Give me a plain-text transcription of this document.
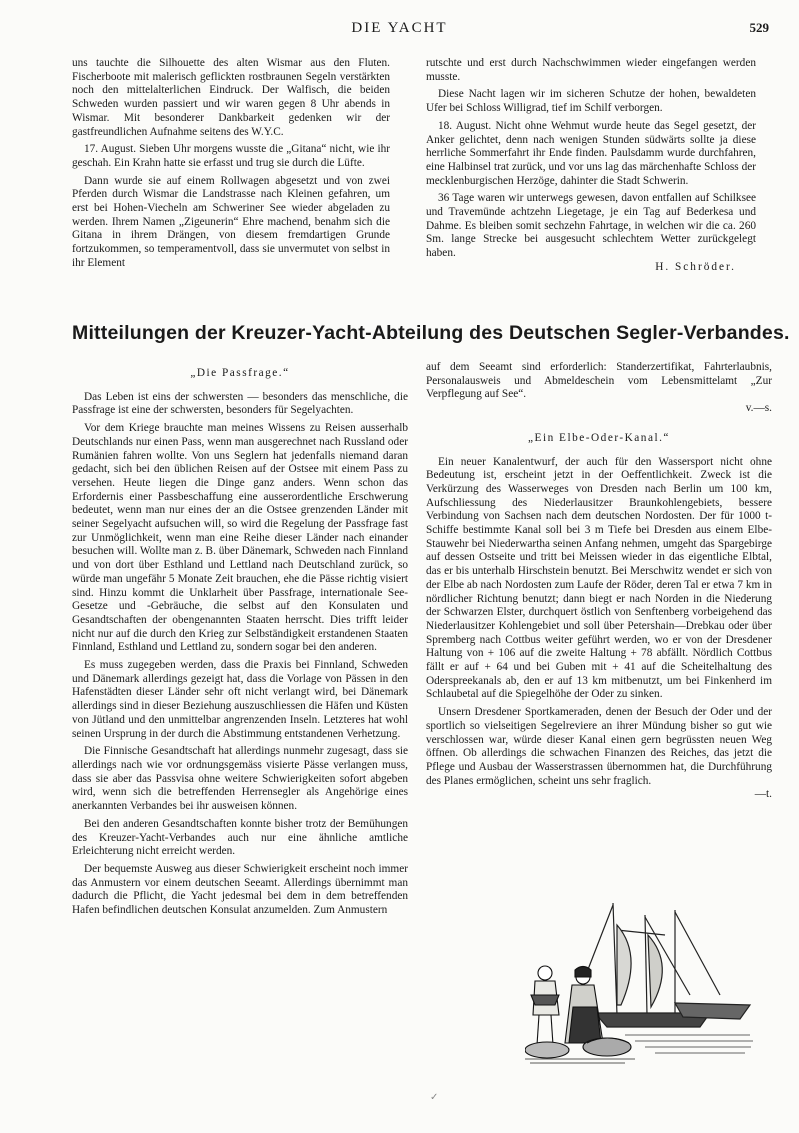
DIE YACHT	529

uns tauchte die Silhouette des alten Wismar aus den Fluten. Fischerboote mit malerisch geflickten rostbraunen Segeln verstärkten noch den mittelalterlichen Eindruck. Der Walfisch, die beiden Schweden wurden passiert und wir waren gegen 8 Uhr abends in Wismar. Mit besonderer Dankbarkeit gedenken wir der gastfreundlichen Aufnahme seitens des W.Y.C.

17. August. Sieben Uhr morgens wusste die „Gitana“ nicht, wie ihr geschah. Ein Krahn hatte sie erfasst und trug sie durch die Lüfte.

Dann wurde sie auf einem Rollwagen abgesetzt und von zwei Pferden durch Wismar die Landstrasse nach Kleinen gefahren, um erst bei Hohen-Viecheln am Schweriner See wieder abgeladen zu werden. Ihrem Namen „Zigeunerin“ Ehre machend, benahm sich die Gitana in ihrem Drängen, von diesem fremdartigen Grunde fortzukommen, so temperamentvoll, dass sie unvermutet von selbst in ihr Element

rutschte und erst durch Nachschwimmen wieder eingefangen werden musste.

Diese Nacht lagen wir im sicheren Schutze der hohen, bewaldeten Ufer bei Schloss Willigrad, tief im Schilf verborgen.

18. August. Nicht ohne Wehmut wurde heute das Segel gesetzt, der Anker gelichtet, denn nach wenigen Stunden südwärts sollte ja diese herrliche Sommerfahrt ihr Ende finden. Paulsdamm wurde durchfahren, eine Halbinsel trat zurück, und vor uns lag das märchenhafte Schloss der mecklenburgischen Herzöge, dahinter die Stadt Schwerin.

36 Tage waren wir unterwegs gewesen, davon entfallen auf Schilksee und Travemünde achtzehn Liegetage, je ein Tag auf Bederkesa und Dahme. Es bleiben somit sechzehn Fahrtage, in welchen wir die ca. 260 Sm. lange Strecke bei ausgesucht schlechtem Wetter zurückgelegt haben.

H. Schröder.
Mitteilungen der Kreuzer-Yacht-Abteilung des Deutschen Segler-Verbandes.

„Die Passfrage.“

Das Leben ist eins der schwersten — besonders das menschliche, die Passfrage ist eine der schwersten, besonders für Segelyachten.

Vor dem Kriege brauchte man meines Wissens zu Reisen ausserhalb Deutschlands nur einen Pass, wenn man ausgerechnet nach Russland oder Rumänien fahren wollte. Von uns Seglern hat jedenfalls niemand daran gedacht, sich bei den üblichen Reisen auf der Ostsee mit einem Pass zu versehen. Heute liegen die Dinge ganz anders. Wenn schon das Erfordernis einer Passbeschaffung eine ausserordentliche Erschwerung bedeutet, wenn man nur eines der an die Ostsee grenzenden Länder mit seiner Segelyacht aufsuchen will, so wird die Regelung der Passfrage fast zur Unmöglichkeit, wenn man eine Reihe dieser Länder nach einander besuchen will. Wollte man z. B. über Dänemark, Schweden nach Finnland und von dort über Esthland und Lettland nach Deutschland zurück, so würde man ungefähr 5 Monate Zeit brauchen, ehe die Pässe richtig visiert sind. Hinzu kommt die Unklarheit über Passfrage, internationale See-Gesetze und -Gebräuche, die selbst auf den Konsulaten und Gesandtschaften der obengenannten Staaten herrscht. Dies trifft leider nicht nur auf die durch den Krieg zur Selbständigkeit erstandenen Staaten Finnland, Esthland und Lettland zu, sondern sogar bei den anderen.

Es muss zugegeben werden, dass die Praxis bei Finnland, Schweden und Dänemark allerdings gezeigt hat, dass die Vorlage von Pässen in den Hafenstädten dieser Länder sehr oft nicht verlangt wird, bei Dänemark allerdings sind in dieser Beziehung auszuschliessen die Häfen und Küsten von Jütland und den unmittelbar angrenzenden Inseln. Letzteres hat wohl seinen Ursprung in der durch die Abstimmung entstandenen Verhetzung.

Die Finnische Gesandtschaft hat allerdings nunmehr zugesagt, dass sie allerdings nach wie vor ordnungsgemäss visierte Pässe verlangen muss, dass sie aber das Passvisa ohne weitere Schwierigkeiten sofort abgeben wird, wenn sich die betreffenden Herrensegler als Angehörige eines anerkannten Verbandes bei ihr ausweisen können.

Bei den anderen Gesandtschaften konnte bisher trotz der Bemühungen des Kreuzer-Yacht-Verbandes auch nur eine ähnliche amtliche Erleichterung nicht erreicht werden.

Der bequemste Ausweg aus dieser Schwierigkeit erscheint noch immer das Anmustern vor einem deutschen Seeamt. Allerdings übernimmt man dadurch die Pflicht, die Yacht jedesmal bei dem in dem betreffenden Hafen befindlichen deutschen Konsulat anzumelden. Zum Anmustern

auf dem Seeamt sind erforderlich: Standerzertifikat, Fahrterlaubnis, Personalausweis und Abmeldeschein vom Lebensmittelamt „Zur Verpflegung auf See“.

v.—s.

„Ein Elbe-Oder-Kanal.“

Ein neuer Kanalentwurf, der auch für den Wassersport nicht ohne Bedeutung ist, erscheint jetzt in der Oeffentlichkeit. Zweck ist die Verkürzung des Wasserweges von Dresden nach Berlin um 100 km, Aufschliessung des Niederlausitzer Braunkohlengebiets, bessere Verbindung von Sachsen nach dem deutschen Nordosten. Der für 1000 t-Schiffe bestimmte Kanal soll bei 3 m Tiefe bei Dresden aus einem Elbe-Stauwehr bei Niederwartha seinen Anfang nehmen, umgeht das Spargebirge auf dessen Ostseite und tritt bei Meissen wieder in das eigentliche Elbtal, das er bis unterhalb Hirschstein benutzt. Bei Merschwitz wendet er sich von der Elbe ab nach Nordosten zum Laufe der Röder, deren Tal er etwa 7 km in nördlicher Richtung benutzt; dann biegt er nach Norden in die Niederung der Schwarzen Elster, durchquert östlich von Senftenberg vorbeigehend das Niederlausitzer Kohlengebiet und soll über Petershain—Drebkau oder über Spremberg nach Cottbus weiter geführt werden, wo er von der Dresdener Haltung von + 106 auf die zweite Haltung + 78 abfällt. Nördlich Cottbus fällt er auf + 64 und bei Guben mit + 41 auf die Scheitelhaltung des Oderspreekanals ab, den er auf 13 km mitbenutzt, um bei Finkenherd im Schlaubetal auf die Spiegelhöhe der Oder zu sinken.

Unsern Dresdener Sportkameraden, denen der Besuch der Oder und der sportlich so vielseitigen Segelreviere an ihrer Mündung bisher so gut wie verschlossen war, würde dieser Kanal einen gern begrüssten neuen Weg öffnen. Ob allerdings die schwachen Finanzen des Reiches, das jetzt die Pflege und Ausbau der Wasserstrassen übernommen hat, die Durchführung des Planes ermöglichen, scheint uns sehr fraglich.

—t.
✓
